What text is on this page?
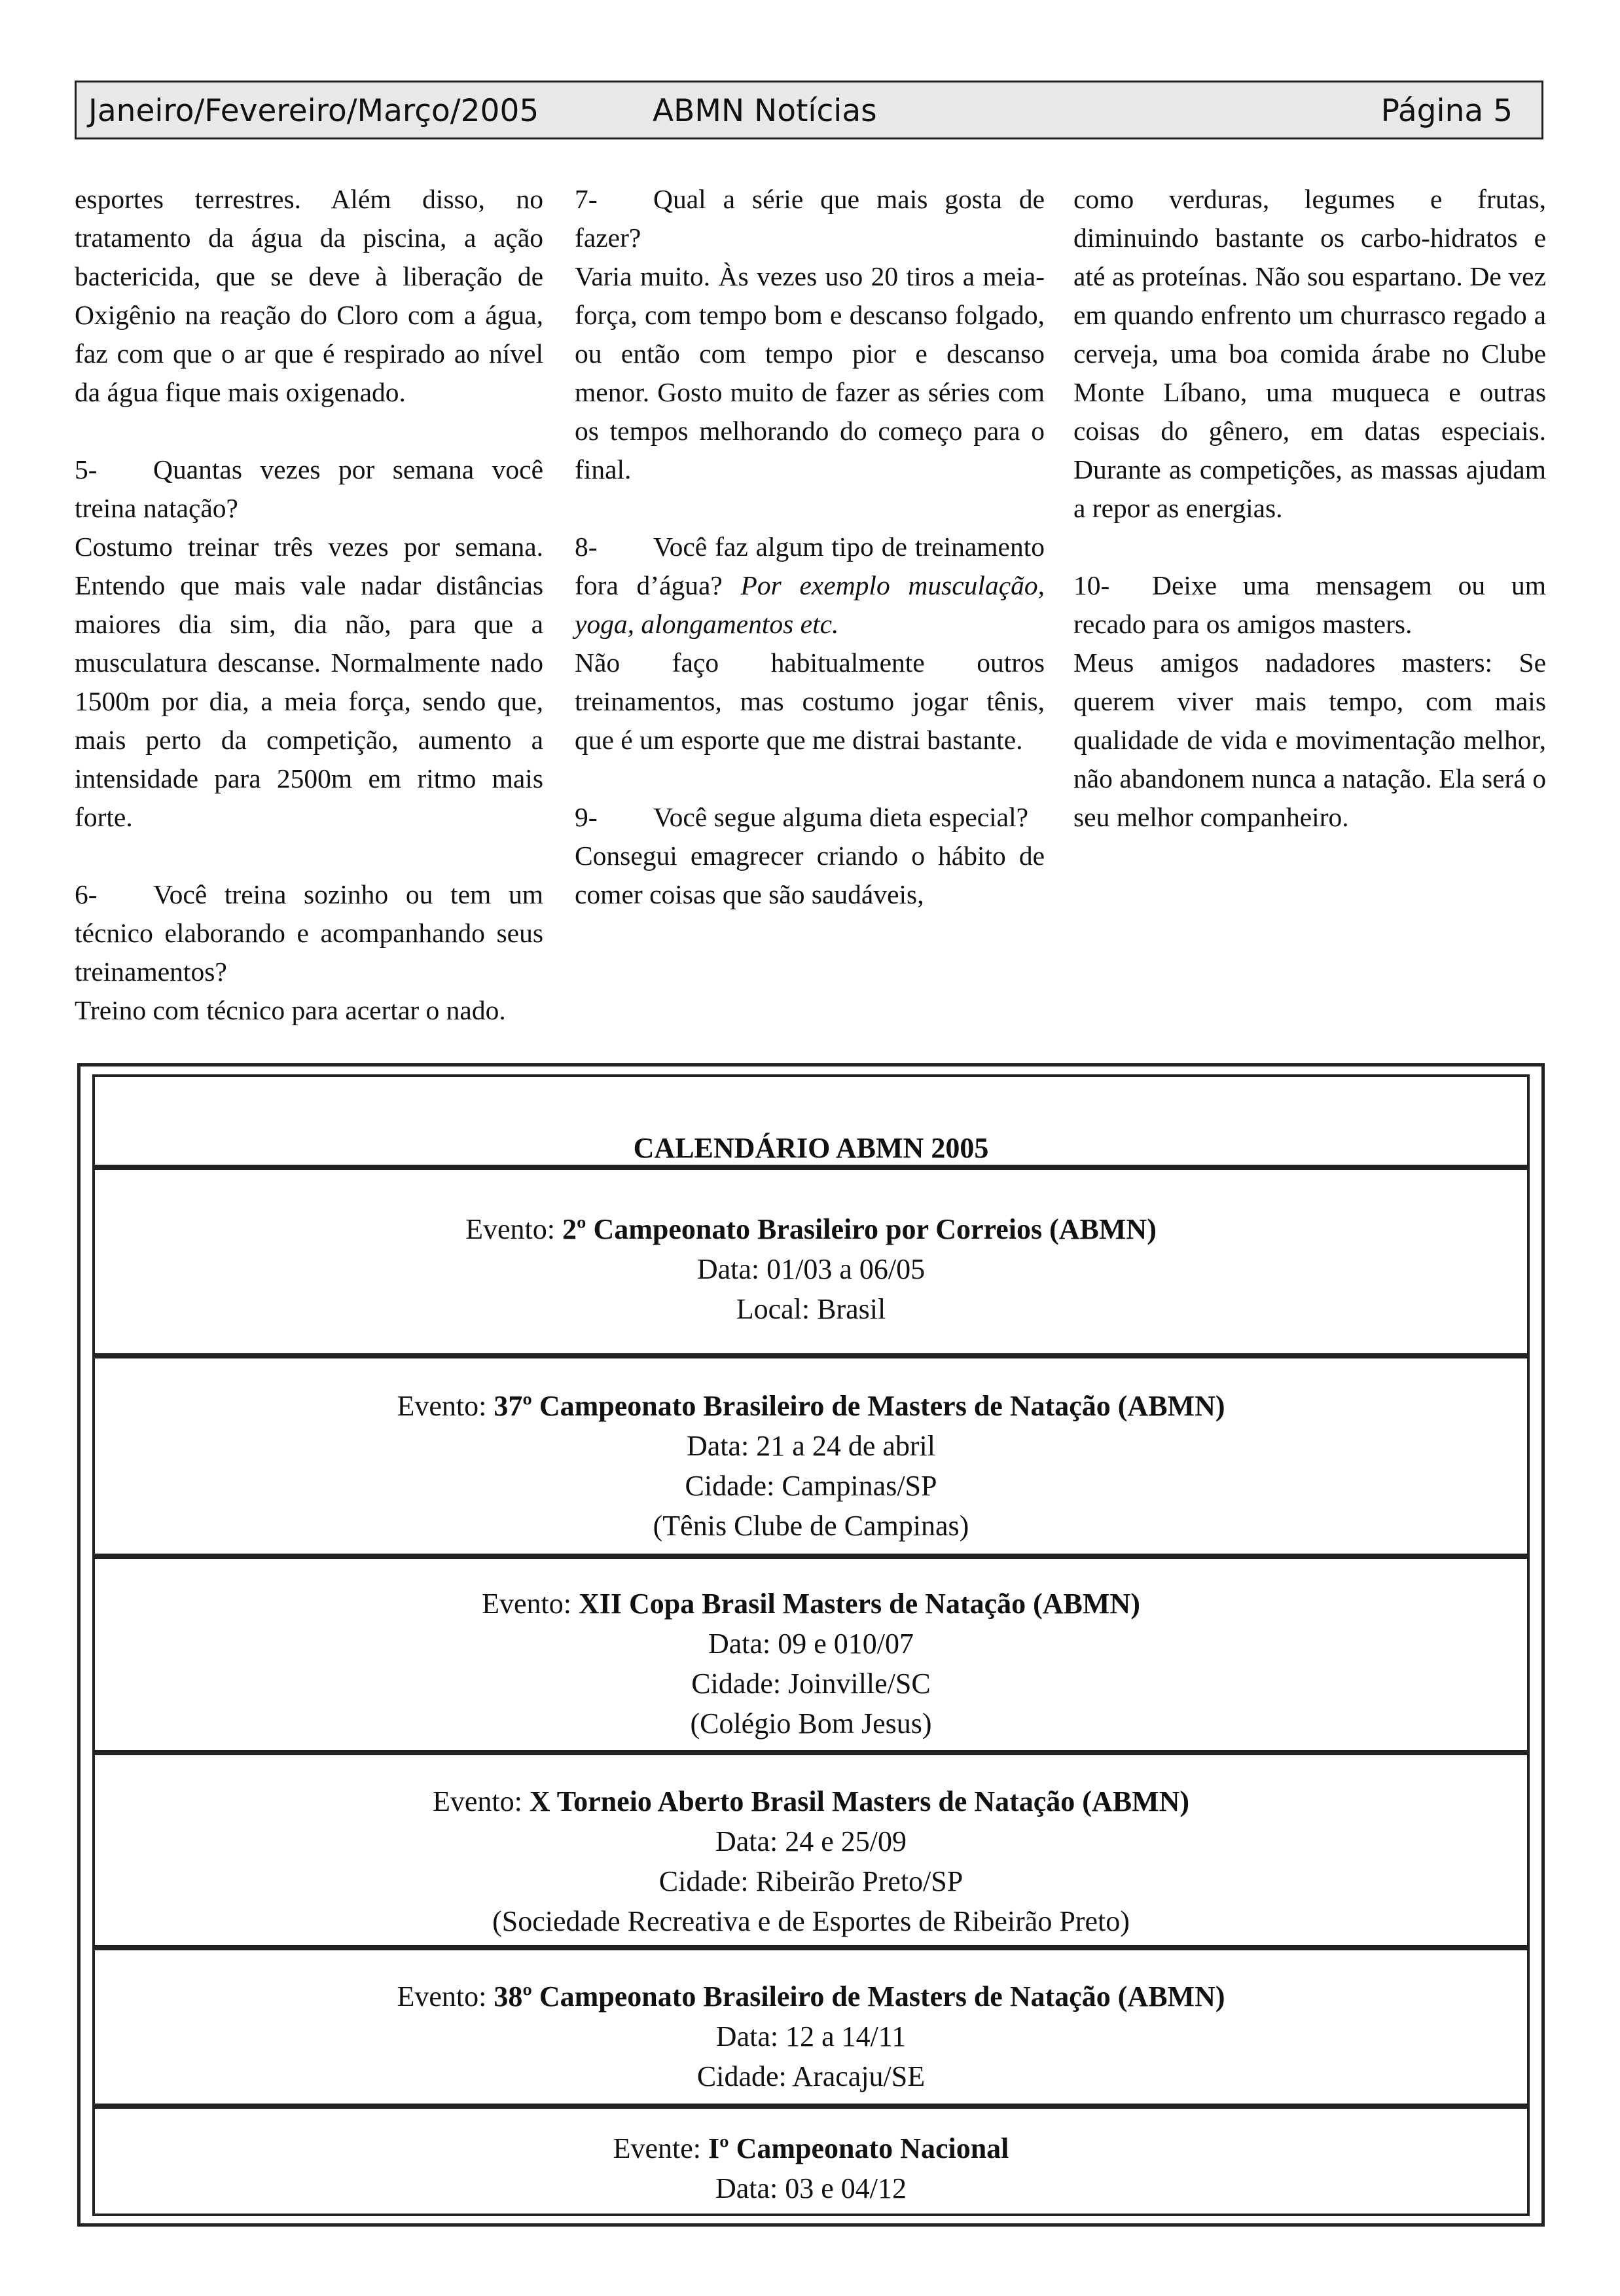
Janeiro/Fevereiro/Março/2005	ABMN Notícias	Página 5

esportes terrestres. Além disso, no tratamento da água da piscina, a ação bactericida, que se deve à liberação de Oxigênio na reação do Cloro com a água, faz com que o ar que é respirado ao nível da água fique mais oxigenado.

5- Quantas vezes por semana você treina natação?

Costumo treinar três vezes por semana. Entendo que mais vale nadar distâncias maiores dia sim, dia não, para que a musculatura descanse. Normalmente nado 1500m por dia, a meia força, sendo que, mais perto da competição, aumento a intensidade para 2500m em ritmo mais forte.

6- Você treina sozinho ou tem um técnico elaborando e acompanhando seus treinamentos?

Treino com técnico para acertar o nado.

7- Qual a série que mais gosta de fazer?

Varia muito. Às vezes uso 20 tiros a meia-força, com tempo bom e descanso folgado, ou então com tempo pior e descanso menor. Gosto muito de fazer as séries com os tempos melhorando do começo para o final.

8- Você faz algum tipo de treinamento fora d’água? Por exemplo musculação, yoga, alongamentos etc.

Não faço habitualmente outros treinamentos, mas costumo jogar tênis, que é um esporte que me distrai bastante.

9- Você segue alguma dieta especial?

Consegui emagrecer criando o hábito de comer coisas que são saudáveis,

como verduras, legumes e frutas, diminuindo bastante os carbo-hidratos e até as proteínas. Não sou espartano. De vez em quando enfrento um churrasco regado a cerveja, uma boa comida árabe no Clube Monte Líbano, uma muqueca e outras coisas do gênero, em datas especiais. Durante as competições, as massas ajudam a repor as energias.

10- Deixe uma mensagem ou um recado para os amigos masters.

Meus amigos nadadores masters: Se querem viver mais tempo, com mais qualidade de vida e movimentação melhor, não abandonem nunca a natação. Ela será o seu melhor companheiro.

CALENDÁRIO ABMN 2005
Evento: 2º Campeonato Brasileiro por Correios (ABMN)
Data: 01/03 a 06/05
Local: Brasil
Evento: 37º Campeonato Brasileiro de Masters de Natação (ABMN)
Data: 21 a 24 de abril
Cidade: Campinas/SP
(Tênis Clube de Campinas)
Evento: XII Copa Brasil Masters de Natação (ABMN)
Data: 09 e 010/07
Cidade: Joinville/SC
(Colégio Bom Jesus)
Evento: X Torneio Aberto Brasil Masters de Natação (ABMN)
Data: 24 e 25/09
Cidade: Ribeirão Preto/SP
(Sociedade Recreativa e de Esportes de Ribeirão Preto)
Evento: 38º Campeonato Brasileiro de Masters de Natação (ABMN)
Data: 12 a 14/11
Cidade: Aracaju/SE
Evente: Iº Campeonato Nacional
Data: 03 e 04/12
